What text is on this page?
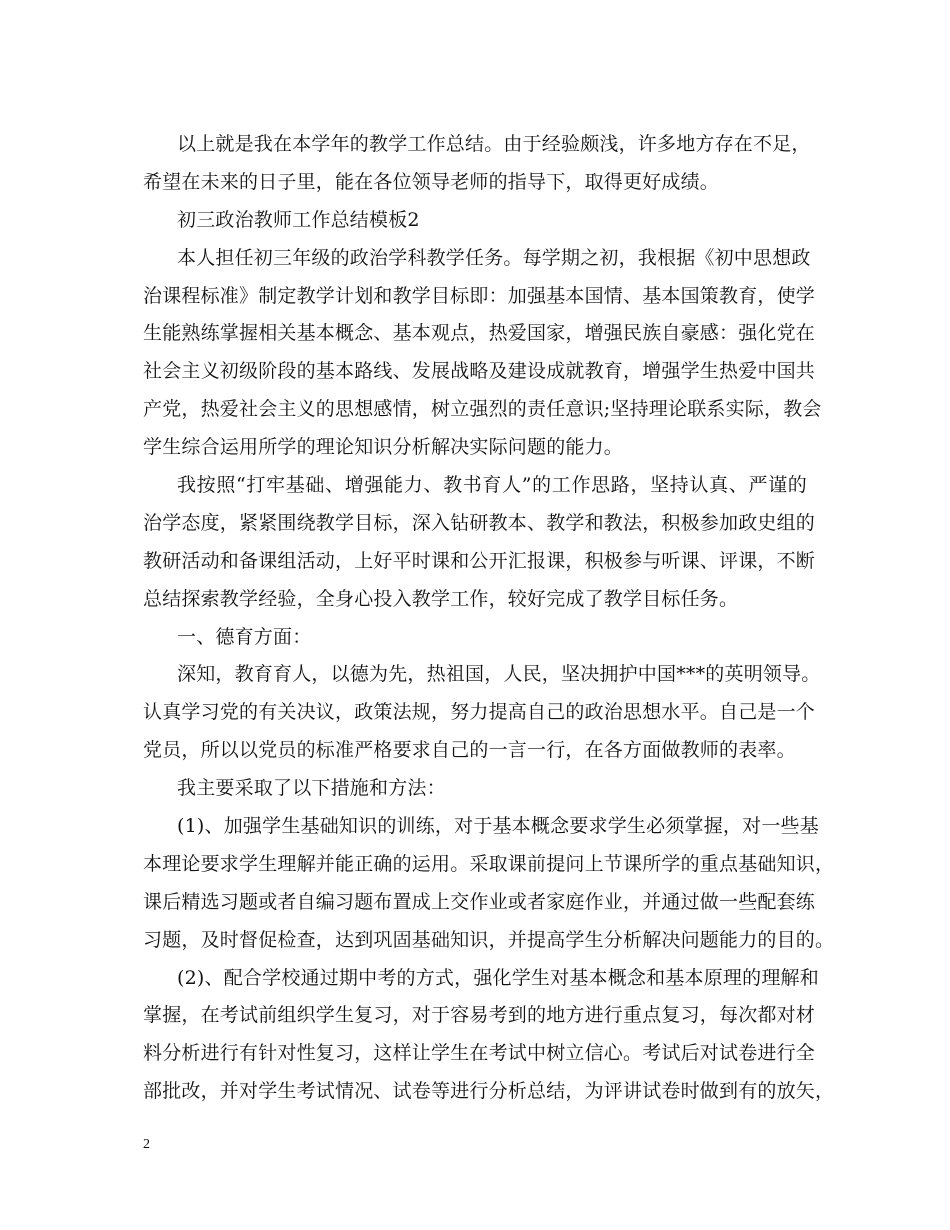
以上就是我在本学年的教学工作总结。由于经验颇浅，许多地方存在不足，
希望在未来的日子里，能在各位领导老师的指导下，取得更好成绩。
初三政治教师工作总结模板2
本人担任初三年级的政治学科教学任务。每学期之初，我根据《初中思想政
治课程标准》制定教学计划和教学目标即：加强基本国情、基本国策教育，使学
生能熟练掌握相关基本概念、基本观点，热爱国家，增强民族自豪感：强化党在
社会主义初级阶段的基本路线、发展战略及建设成就教育，增强学生热爱中国共
产党，热爱社会主义的思想感情，树立强烈的责任意识;坚持理论联系实际，教会
学生综合运用所学的理论知识分析解决实际问题的能力。
我按照“打牢基础、增强能力、教书育人”的工作思路，坚持认真、严谨的
治学态度，紧紧围绕教学目标，深入钻研教本、教学和教法，积极参加政史组的
教研活动和备课组活动，上好平时课和公开汇报课，积极参与听课、评课，不断
总结探索教学经验，全身心投入教学工作，较好完成了教学目标任务。
一、德育方面：
深知，教育育人，以德为先，热祖国，人民，坚决拥护中国***的英明领导。
认真学习党的有关决议，政策法规，努力提高自己的政治思想水平。自己是一个
党员，所以以党员的标准严格要求自己的一言一行，在各方面做教师的表率。
我主要采取了以下措施和方法：
(1)、加强学生基础知识的训练，对于基本概念要求学生必须掌握，对一些基
本理论要求学生理解并能正确的运用。采取课前提问上节课所学的重点基础知识，
课后精选习题或者自编习题布置成上交作业或者家庭作业，并通过做一些配套练
习题，及时督促检查，达到巩固基础知识，并提高学生分析解决问题能力的目的。
(2)、配合学校通过期中考的方式，强化学生对基本概念和基本原理的理解和
掌握，在考试前组织学生复习，对于容易考到的地方进行重点复习，每次都对材
料分析进行有针对性复习，这样让学生在考试中树立信心。考试后对试卷进行全
部批改，并对学生考试情况、试卷等进行分析总结，为评讲试卷时做到有的放矢，
2
